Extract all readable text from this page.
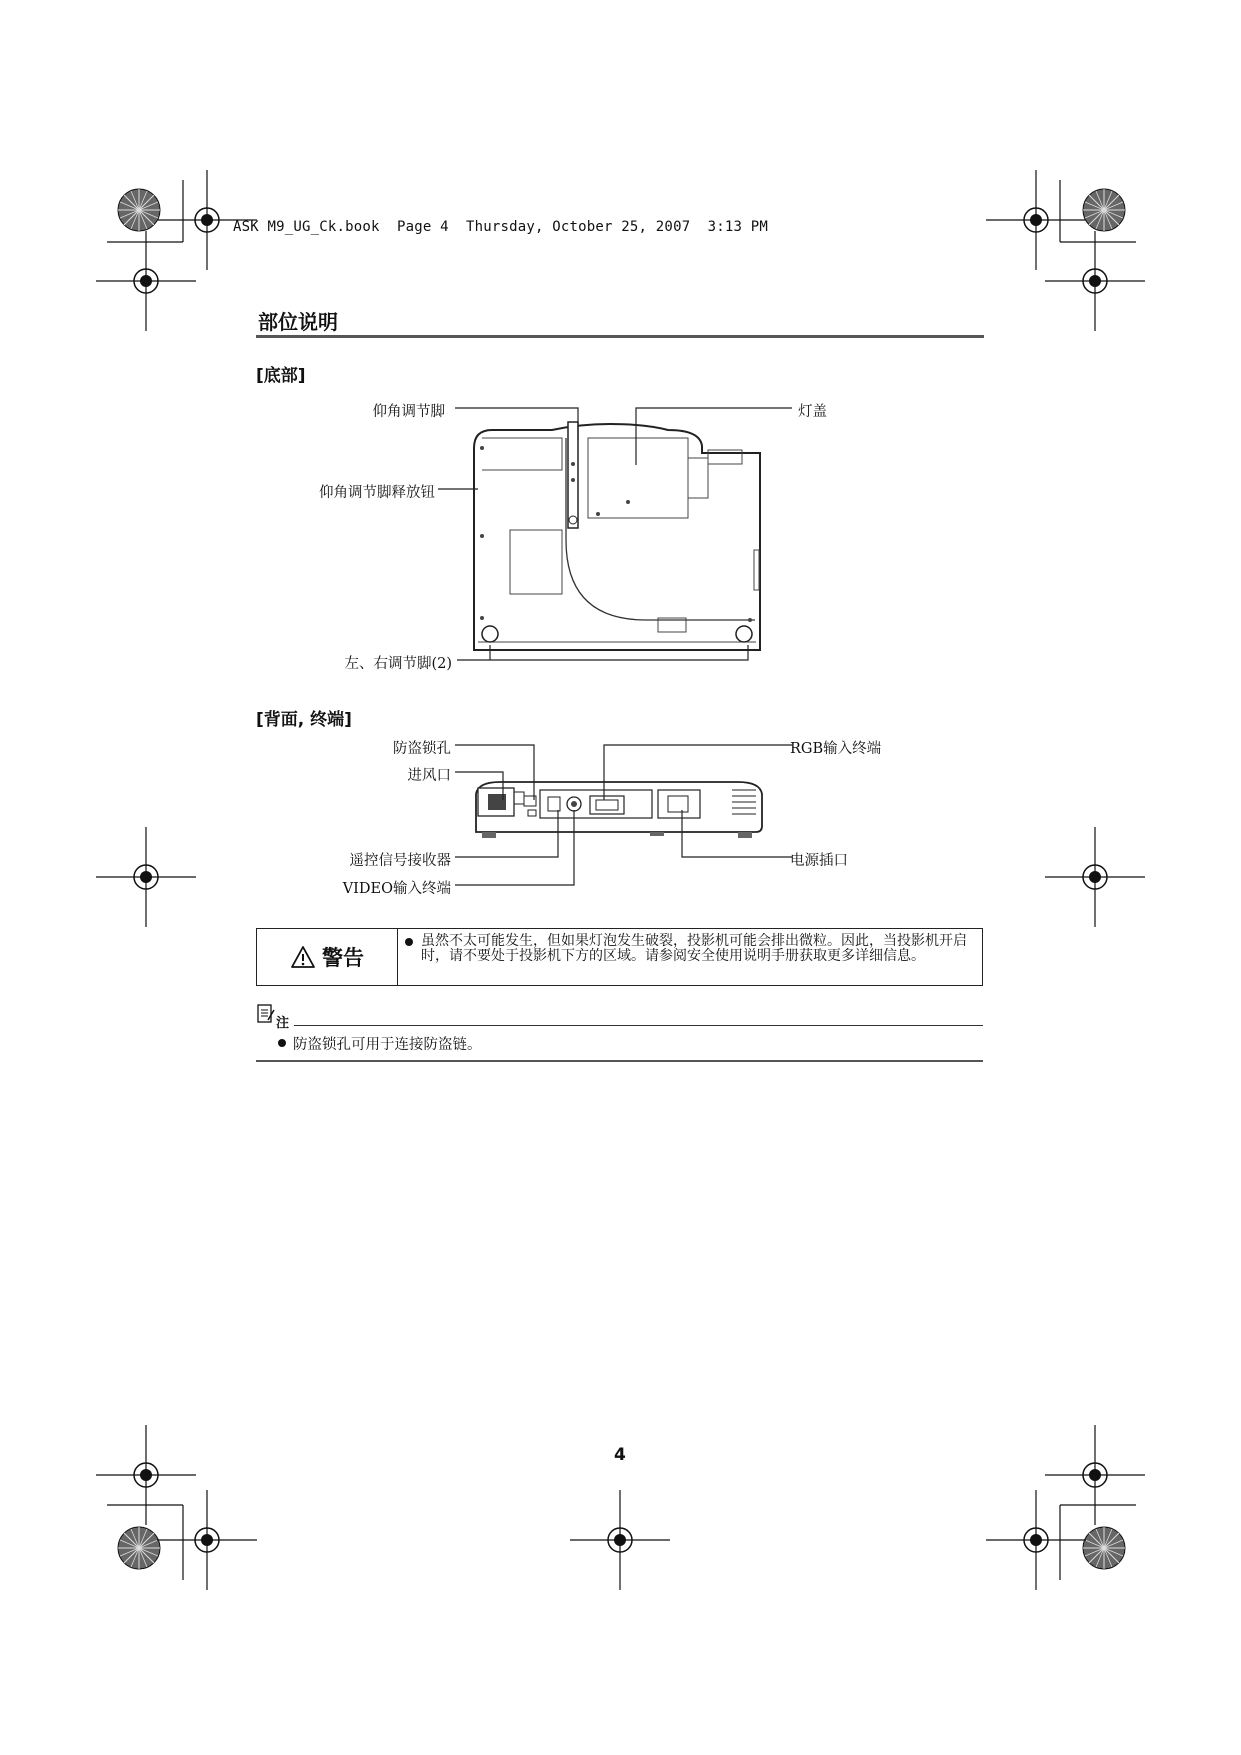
ASK M9_UG_Ck.book  Page 4  Thursday, October 25, 2007  3:13 PM
部位说明
[底部]
仰角调节脚	灯盖
仰角调节脚释放钮
左、右调节脚(2)
[背面, 终端]
防盗锁孔
进风口
遥控信号接收器
VIDEO输入终端
RGB输入终端
电源插口
警告
虽然不太可能发生，但如果灯泡发生破裂，投影机可能会排出微粒。因此，当投影机开启时，请不要处于投影机下方的区域。请参阅安全使用说明手册获取更多详细信息。
注
防盗锁孔可用于连接防盗链。
4
